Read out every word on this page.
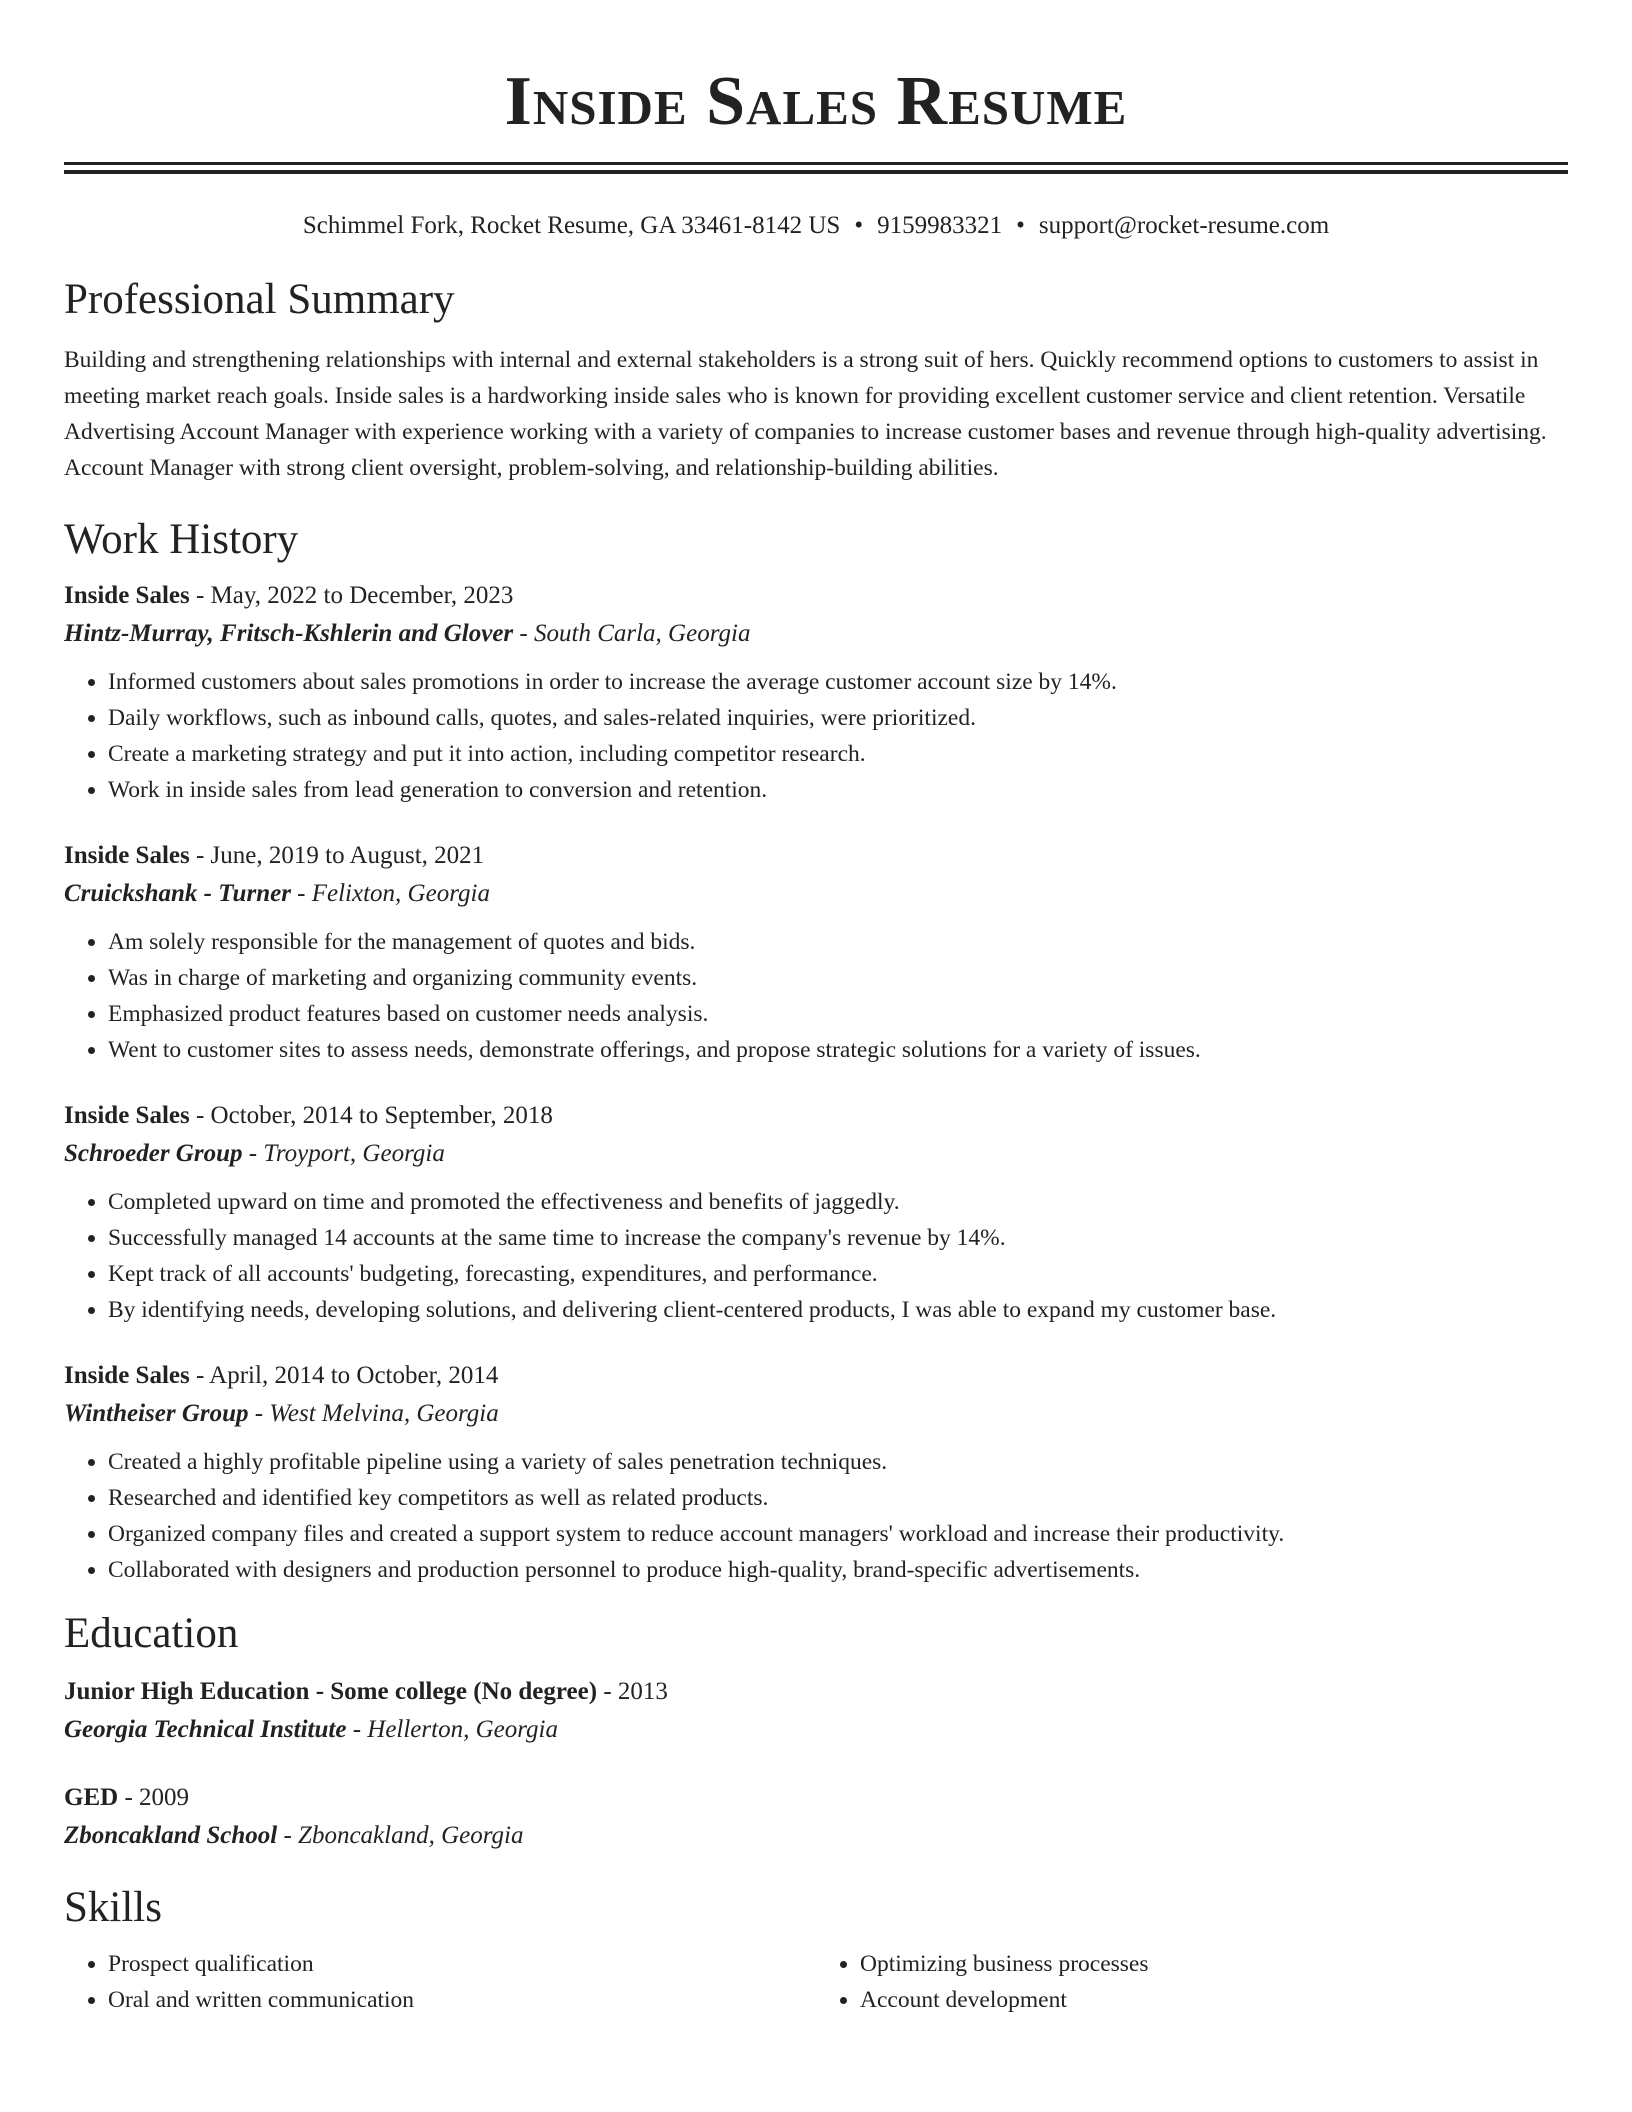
Inside Sales Resume
Schimmel Fork, Rocket Resume, GA 33461-8142 US • 9159983321 • support@rocket-resume.com
Professional Summary
Building and strengthening relationships with internal and external stakeholders is a strong suit of hers. Quickly recommend options to customers to assist in meeting market reach goals. Inside sales is a hardworking inside sales who is known for providing excellent customer service and client retention. Versatile Advertising Account Manager with experience working with a variety of companies to increase customer bases and revenue through high-quality advertising. Account Manager with strong client oversight, problem-solving, and relationship-building abilities.
Work History
Inside Sales - May, 2022 to December, 2023
Hintz-Murray, Fritsch-Kshlerin and Glover - South Carla, Georgia
• Informed customers about sales promotions in order to increase the average customer account size by 14%.
• Daily workflows, such as inbound calls, quotes, and sales-related inquiries, were prioritized.
• Create a marketing strategy and put it into action, including competitor research.
• Work in inside sales from lead generation to conversion and retention.
Inside Sales - June, 2019 to August, 2021
Cruickshank - Turner - Felixton, Georgia
• Am solely responsible for the management of quotes and bids.
• Was in charge of marketing and organizing community events.
• Emphasized product features based on customer needs analysis.
• Went to customer sites to assess needs, demonstrate offerings, and propose strategic solutions for a variety of issues.
Inside Sales - October, 2014 to September, 2018
Schroeder Group - Troyport, Georgia
• Completed upward on time and promoted the effectiveness and benefits of jaggedly.
• Successfully managed 14 accounts at the same time to increase the company's revenue by 14%.
• Kept track of all accounts' budgeting, forecasting, expenditures, and performance.
• By identifying needs, developing solutions, and delivering client-centered products, I was able to expand my customer base.
Inside Sales - April, 2014 to October, 2014
Wintheiser Group - West Melvina, Georgia
• Created a highly profitable pipeline using a variety of sales penetration techniques.
• Researched and identified key competitors as well as related products.
• Organized company files and created a support system to reduce account managers' workload and increase their productivity.
• Collaborated with designers and production personnel to produce high-quality, brand-specific advertisements.
Education
Junior High Education - Some college (No degree) - 2013
Georgia Technical Institute - Hellerton, Georgia
GED - 2009
Zboncakland School - Zboncakland, Georgia
Skills
• Prospect qualification
• Oral and written communication
• Optimizing business processes
• Account development
